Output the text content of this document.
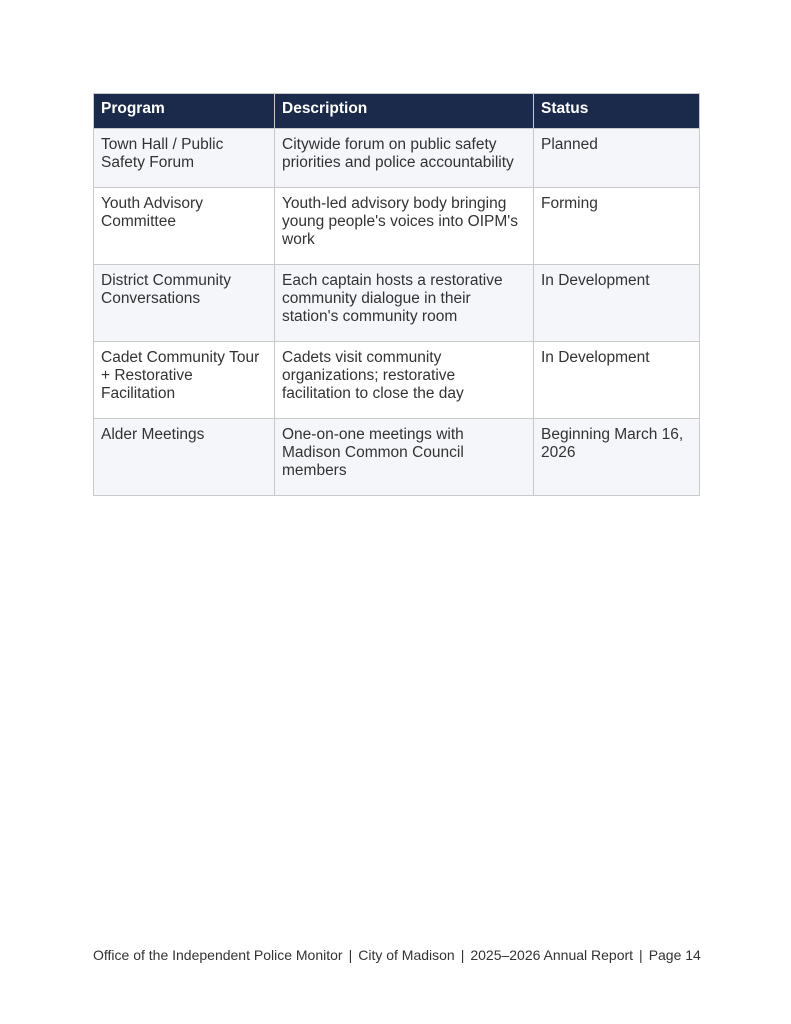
Program	Description	Status
Town Hall / Public Safety Forum	Citywide forum on public safety priorities and police accountability	Planned
Youth Advisory Committee	Youth-led advisory body bringing young people's voices into OIPM's work	Forming
District Community Conversations	Each captain hosts a restorative community dialogue in their station's community room	In Development
Cadet Community Tour + Restorative Facilitation	Cadets visit community organizations; restorative facilitation to close the day	In Development
Alder Meetings	One-on-one meetings with Madison Common Council members	Beginning March 16, 2026
Office of the Independent Police Monitor | City of Madison | 2025–2026 Annual Report | Page 14
